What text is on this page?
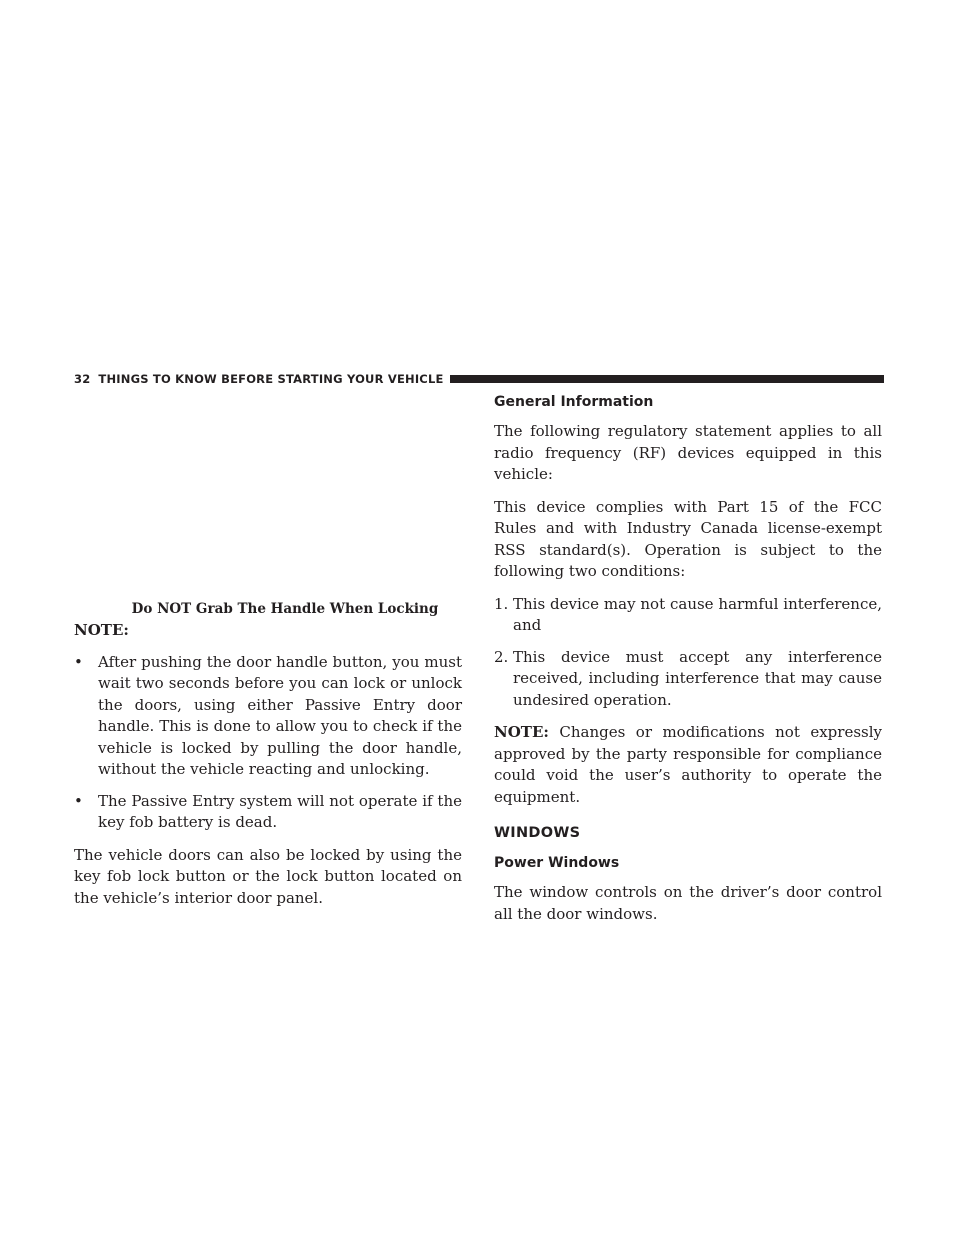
32 THINGS TO KNOW BEFORE STARTING YOUR VEHICLE
Do NOT Grab The Handle When Locking
NOTE:
• After pushing the door handle button, you must wait two seconds before you can lock or unlock the doors, using either Passive Entry door handle. This is done to allow you to check if the vehicle is locked by pulling the door handle, without the vehicle reacting and unlocking.
• The Passive Entry system will not operate if the key fob battery is dead.

The vehicle doors can also be locked by using the key fob lock button or the lock button located on the vehicle’s interior door panel.

General Information

The following regulatory statement applies to all radio frequency (RF) devices equipped in this vehicle:

This device complies with Part 15 of the FCC Rules and with Industry Canada license-exempt RSS standard(s). Operation is subject to the following two conditions:

1. This device may not cause harmful interference, and
2. This device must accept any interference received, including interference that may cause undesired operation.

NOTE: Changes or modifications not expressly approved by the party responsible for compliance could void the user’s authority to operate the equipment.

WINDOWS
Power Windows

The window controls on the driver’s door control all the door windows.
